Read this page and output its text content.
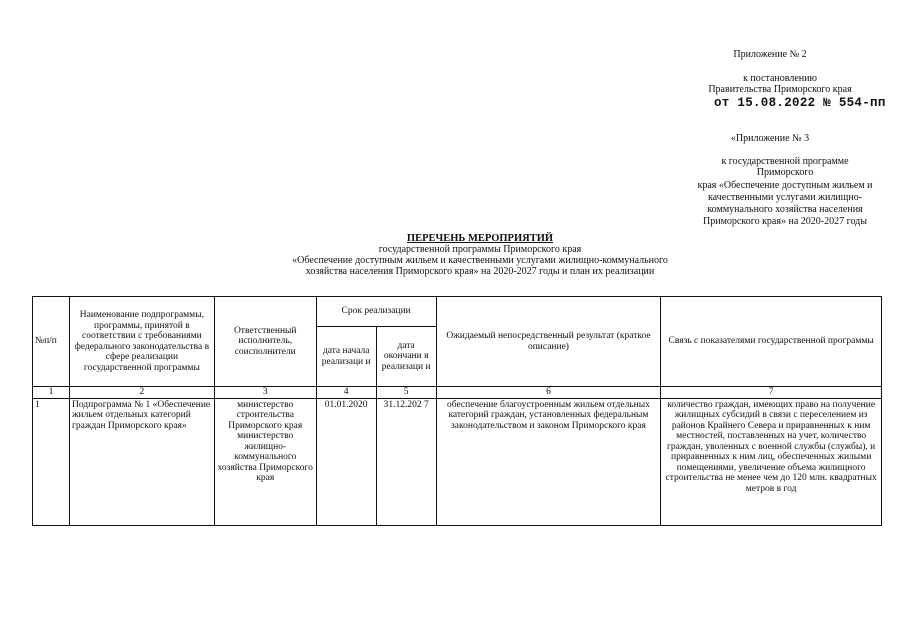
Приложение № 2
к постановлению
Правительства Приморского края
от 15.08.2022 № 554-пп
«Приложение № 3
к государственной программе
Приморского
края «Обеспечение доступным жильем и
качественными услугами жилищно-
коммунального хозяйства населения
Приморского края» на 2020-2027 годы
ПЕРЕЧЕНЬ МЕРОПРИЯТИЙ
государственной программы Приморского края
«Обеспечение доступным жильем и качественными услугами жилищно-коммунального
хозяйства населения Приморского края» на 2020-2027 годы и план их реализации
№п/п	Наименование подпрограммы, программы, принятой в соответствии с требованиями федерального законодательства в сфере реализации государственной программы	Ответственный исполнитель, соисполнители	Срок реализации		Ожидаемый непосредственный результат (краткое описание)	Связь с показателями государственной программы
			дата начала реализаци и	дата окончани я реализаци и		
1	2	3	4	5	6	7
1	Подпрограмма № 1 «Обеспечение жильем отдельных категорий граждан Приморского края»	министерство строительства Приморского края министерство жилищно-коммунального хозяйства Приморского края	01.01.2020	31.12.202 7	обеспечение благоустроенным жильем отдельных категорий граждан, установленных федеральным законодательством и законом Приморского края	количество граждан, имеющих право на получение жилищных субсидий в связи с переселением из районов Крайнего Севера и приравненных к ним местностей, поставленных на учет, количество граждан, уволенных с военной службы (службы), и приравненных к ним лиц, обеспеченных жилыми помещениями, увеличение объема жилищного строительства не менее чем до 120 млн. квадратных метров в год
